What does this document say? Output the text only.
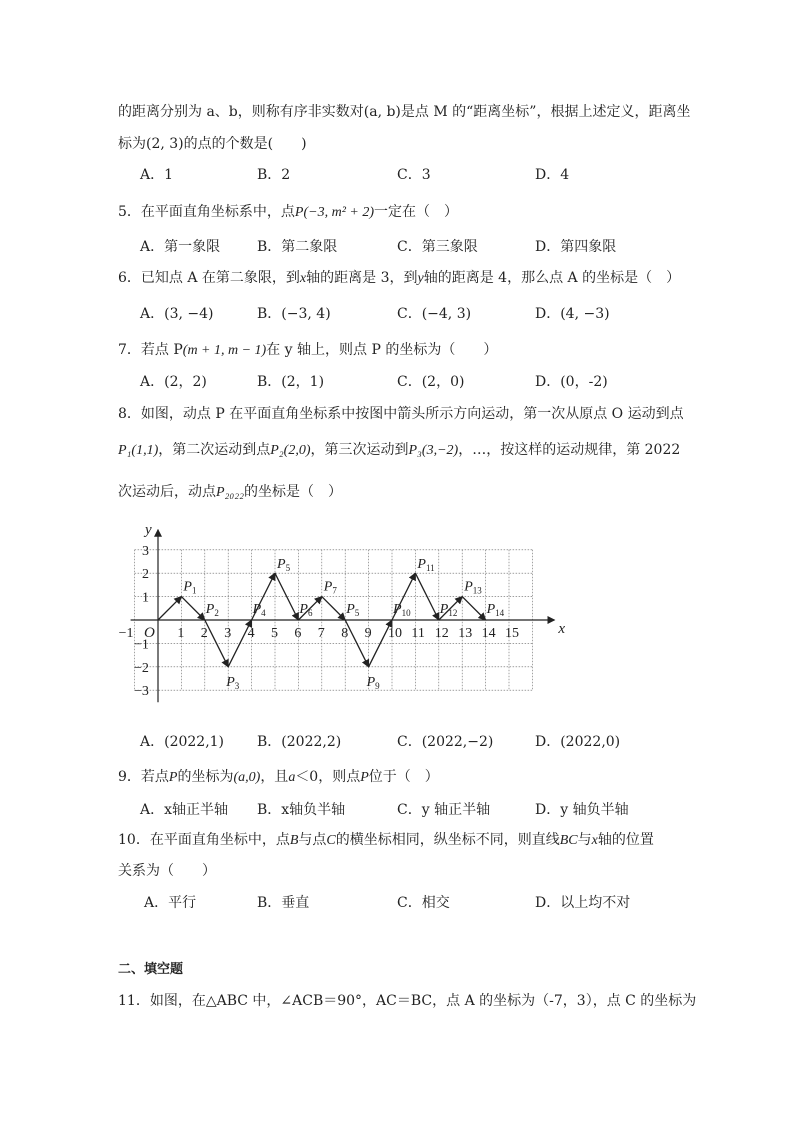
的距离分别为 a、b，则称有序非实数对(a, b)是点 M 的“距离坐标”，根据上述定义，距离坐
标为(2, 3)的点的个数是(　　)
A．1	B．2	C．3	D．4
5．在平面直角坐标系中，点P(−3, m² + 2)一定在（　）
A．第一象限	B．第二象限	C．第三象限	D．第四象限
6．已知点 A 在第二象限，到x轴的距离是 3，到y轴的距离是 4，那么点 A 的坐标是（　）
A．(3, −4)	B．(−3, 4)	C．(−4, 3)	D．(4, −3)
7．若点 P(m + 1, m − 1)在 y 轴上，则点 P 的坐标为（　　）
A．(2，2)	B．(2，1)	C．(2，0)	D．(0，-2)
8．如图，动点 P 在平面直角坐标系中按图中箭头所示方向运动，第一次从原点 O 运动到点
P₁(1,1)，第二次运动到点P₂(2,0)，第三次运动到P₃(3,−2)，…，按这样的运动规律，第 2022
次运动后，动点P₂₀₂₂的坐标是（　）
x
y
O
−1	1 2 3 4 5 6 7 8 9 10 11 12 13 14 15
3
2
1
−1
−2
−3
$P_1$
$P_2$
$P_3$
$P_4$
$P_5$
$P_6$
$P_7$
$P_5$
$P_9$
$P_{10}$
$P_{11}$
$P_{12}$
$P_{13}$
$P_{14}$
A．(2022,1) B．(2022,2)	C．(2022,−2)	D．(2022,0)
9．若点P的坐标为(a,0)，且a＜0，则点P位于（　）
A．x轴正半轴 B．x轴负半轴	C．y 轴正半轴	D．y 轴负半轴
10．在平面直角坐标中，点B与点C的横坐标相同，纵坐标不同，则直线BC与x轴的位置
关系为（　　）
A．平行	B．垂直	C．相交	D．以上均不对
二、填空题
11．如图，在△ABC 中，∠ACB＝90°，AC＝BC，点 A 的坐标为（-7，3），点 C 的坐标为
